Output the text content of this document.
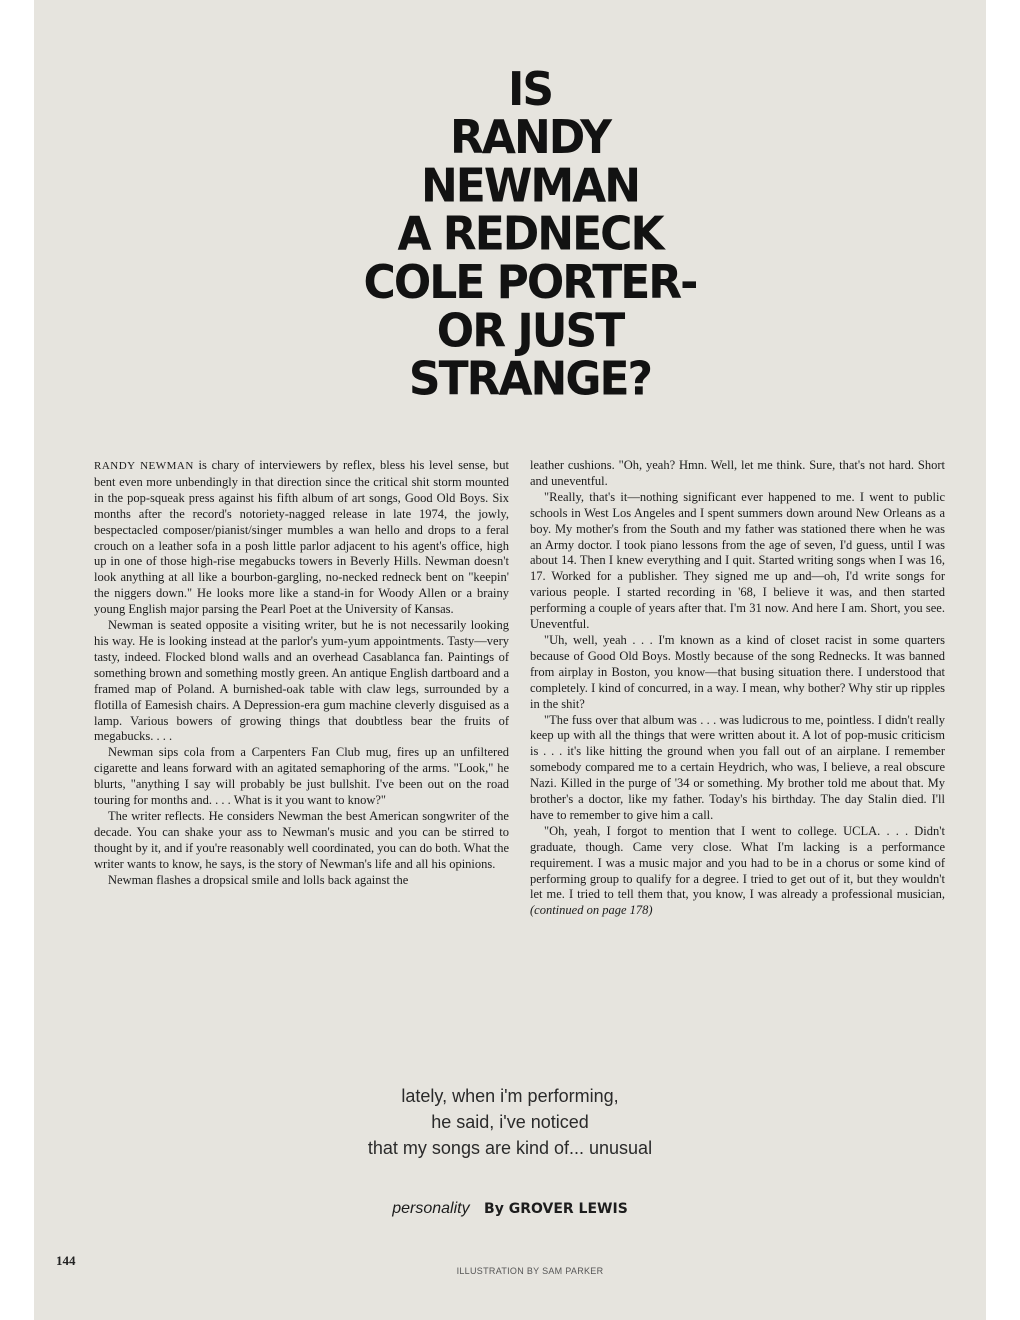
IS
RANDY
NEWMAN
A REDNECK
COLE PORTER-
OR JUST
STRANGE?

RANDY NEWMAN is chary of interviewers by reflex, bless his level sense, but bent even more unbendingly in that direction since the critical shit storm mounted in the pop-squeak press against his fifth album of art songs, Good Old Boys. Six months after the record's notoriety-nagged release in late 1974, the jowly, bespectacled composer/pianist/singer mumbles a wan hello and drops to a feral crouch on a leather sofa in a posh little parlor adjacent to his agent's office, high up in one of those high-rise megabucks towers in Beverly Hills. Newman doesn't look anything at all like a bourbon-gargling, no-necked redneck bent on "keepin' the niggers down." He looks more like a stand-in for Woody Allen or a brainy young English major parsing the Pearl Poet at the University of Kansas.

Newman is seated opposite a visiting writer, but he is not necessarily looking his way. He is looking instead at the parlor's yum-yum appointments. Tasty—very tasty, indeed. Flocked blond walls and an overhead Casablanca fan. Paintings of something brown and something mostly green. An antique English dartboard and a framed map of Poland. A burnished-oak table with claw legs, surrounded by a flotilla of Eamesish chairs. A Depression-era gum machine cleverly disguised as a lamp. Various bowers of growing things that doubtless bear the fruits of megabucks. . . .

Newman sips cola from a Carpenters Fan Club mug, fires up an unfiltered cigarette and leans forward with an agitated semaphoring of the arms. "Look," he blurts, "anything I say will probably be just bullshit. I've been out on the road touring for months and. . . . What is it you want to know?"

The writer reflects. He considers Newman the best American songwriter of the decade. You can shake your ass to Newman's music and you can be stirred to thought by it, and if you're reasonably well coordinated, you can do both. What the writer wants to know, he says, is the story of Newman's life and all his opinions.

Newman flashes a dropsical smile and lolls back against the

leather cushions. "Oh, yeah? Hmn. Well, let me think. Sure, that's not hard. Short and uneventful.

"Really, that's it—nothing significant ever happened to me. I went to public schools in West Los Angeles and I spent summers down around New Orleans as a boy. My mother's from the South and my father was stationed there when he was an Army doctor. I took piano lessons from the age of seven, I'd guess, until I was about 14. Then I knew everything and I quit. Started writing songs when I was 16, 17. Worked for a publisher. They signed me up and—oh, I'd write songs for various people. I started recording in '68, I believe it was, and then started performing a couple of years after that. I'm 31 now. And here I am. Short, you see. Uneventful.

"Uh, well, yeah . . . I'm known as a kind of closet racist in some quarters because of Good Old Boys. Mostly because of the song Rednecks. It was banned from airplay in Boston, you know—that busing situation there. I understood that completely. I kind of concurred, in a way. I mean, why bother? Why stir up ripples in the shit?

"The fuss over that album was . . . was ludicrous to me, pointless. I didn't really keep up with all the things that were written about it. A lot of pop-music criticism is . . . it's like hitting the ground when you fall out of an airplane. I remember somebody compared me to a certain Heydrich, who was, I believe, a real obscure Nazi. Killed in the purge of '34 or something. My brother told me about that. My brother's a doctor, like my father. Today's his birthday. The day Stalin died. I'll have to remember to give him a call.

"Oh, yeah, I forgot to mention that I went to college. UCLA. . . . Didn't graduate, though. Came very close. What I'm lacking is a performance requirement. I was a music major and you had to be in a chorus or some kind of performing group to qualify for a degree. I tried to get out of it, but they wouldn't let me. I tried to tell them that, you know, I was already a professional musician, (continued on page 178)

lately, when i'm performing,
he said, i've noticed
that my songs are kind of... unusual
personality By GROVER LEWIS
144
ILLUSTRATION BY SAM PARKER
